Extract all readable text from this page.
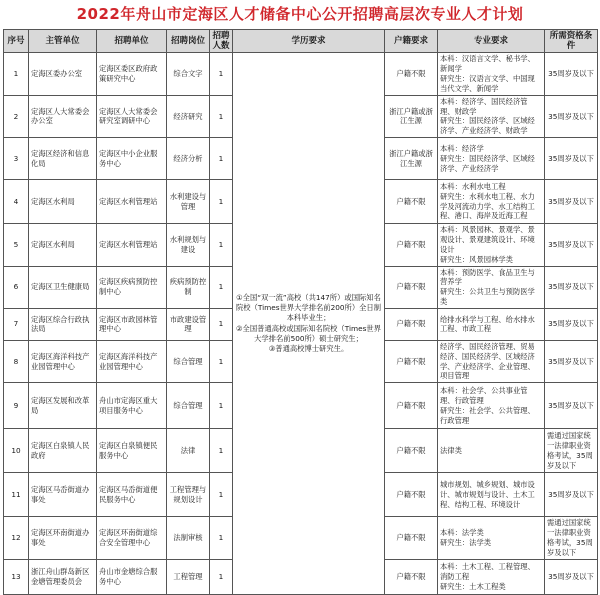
2022年舟山市定海区人才储备中心公开招聘高层次专业人才计划
序号	主管单位	招聘单位	招聘岗位	招聘人数	学历要求	户籍要求	专业要求	所需资格条件
1	定海区委办公室	定海区委区政府政策研究中心	综合文字	1	①全国“双一流”高校（共147所）或国际知名院校（Times世界大学排名前200所）全日制本科毕业生；
②全国普通高校或国际知名院校（Times世界大学排名前500所）硕士研究生；
③普通高校博士研究生。	户籍不限	本科：汉语言文学、秘书学、新闻学
研究生：汉语言文学、中国现当代文学、新闻学	35周岁及以下
2	定海区人大常委会办公室	定海区人大常委会研究室调研中心	经济研究	1		浙江户籍或浙江生源	本科：经济学、国民经济管理、财政学
研究生：国民经济学、区域经济学、产业经济学、财政学	35周岁及以下
3	定海区经济和信息化局	定海区中小企业服务中心	经济分析	1		浙江户籍或浙江生源	本科：经济学
研究生：国民经济学、区域经济学、产业经济学	35周岁及以下
4	定海区水利局	定海区水利管理站	水利建设与管理	1		户籍不限	本科：水利水电工程
研究生：水利水电工程、水力学及河流动力学、水工结构工程、港口、海岸及近海工程	35周岁及以下
5	定海区水利局	定海区水利管理站	水利规划与建设	1		户籍不限	本科：风景园林、景观学、景观设计、景观建筑设计、环境设计
研究生：风景园林学类	35周岁及以下
6	定海区卫生健康局	定海区疾病预防控制中心	疾病预防控制	1		户籍不限	本科：预防医学、食品卫生与营养学
研究生：公共卫生与预防医学类	35周岁及以下
7	定海区综合行政执法局	定海区市政园林管理中心	市政建设管理	1		户籍不限	给排水科学与工程、给水排水工程、市政工程	35周岁及以下
8	定海区海洋科技产业园管理中心	定海区海洋科技产业园管理中心	综合管理	1		户籍不限	经济学、国民经济管理、贸易经济、国民经济学、区域经济学、产业经济学、企业管理、项目管理	35周岁及以下
9	定海区发展和改革局	舟山市定海区重大项目服务中心	综合管理	1		户籍不限	本科：社会学、公共事业管理、行政管理
研究生：社会学、公共管理、行政管理	35周岁及以下
10	定海区白泉镇人民政府	定海区白泉镇便民服务中心	法律	1		户籍不限	法律类	需通过国家统一法律职业资格考试，35周岁及以下
11	定海区马岙街道办事处	定海区马岙街道便民服务中心	工程管理与规划设计	1		户籍不限	城市规划、城乡规划、城市设计、城市规划与设计、土木工程、结构工程、环境设计	35周岁及以下
12	定海区环南街道办事处	定海区环南街道综合安全管理中心	法制审核	1		户籍不限	本科：法学类
研究生：法学类	需通过国家统一法律职业资格考试，35周岁及以下
13	浙江舟山群岛新区金塘管理委员会	舟山市金塘综合服务中心	工程管理	1		户籍不限	本科：土木工程、工程管理、消防工程
研究生：土木工程类	35周岁及以下
